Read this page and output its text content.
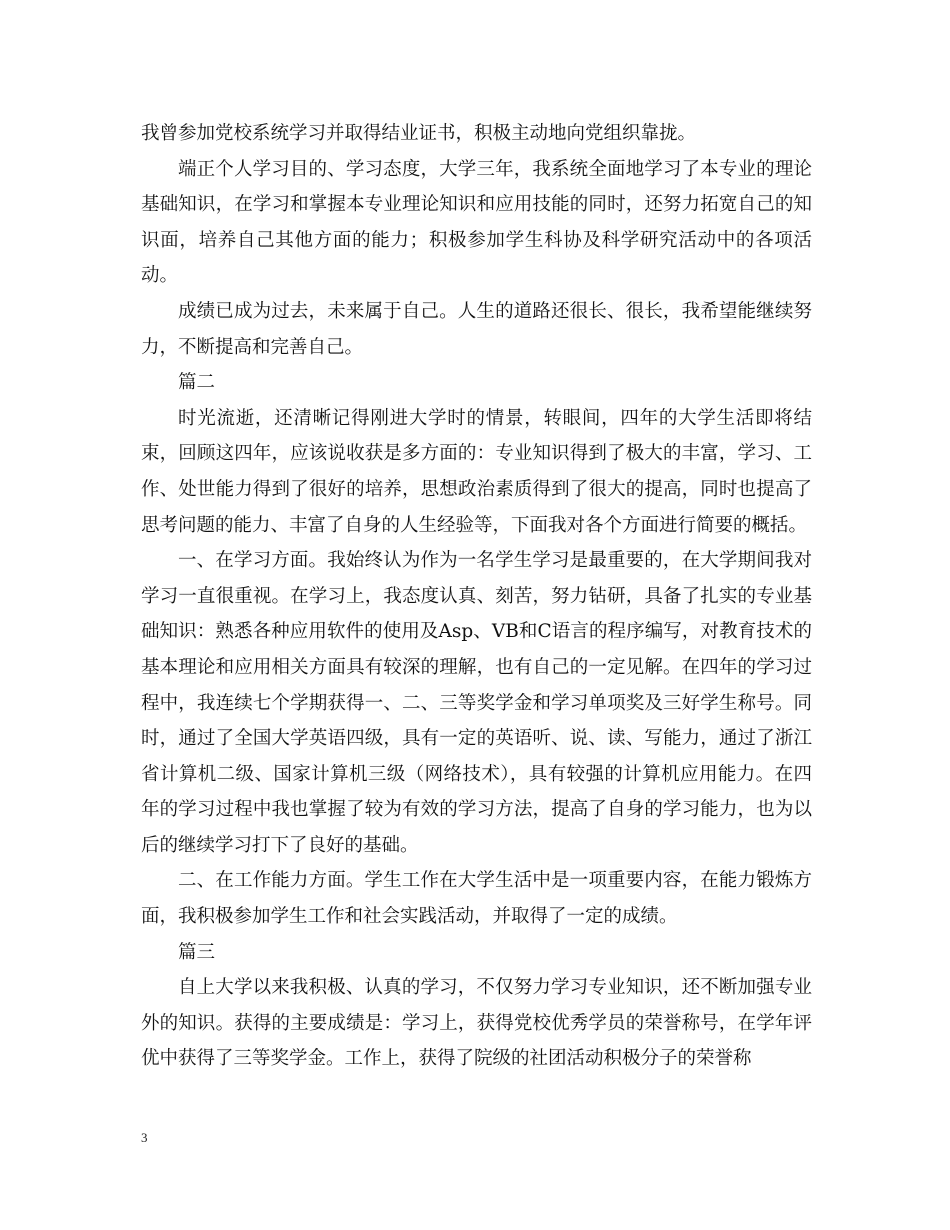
我曾参加党校系统学习并取得结业证书，积极主动地向党组织靠拢。

端正个人学习目的、学习态度，大学三年，我系统全面地学习了本专业的理论基础知识，在学习和掌握本专业理论知识和应用技能的同时，还努力拓宽自己的知识面，培养自己其他方面的能力；积极参加学生科协及科学研究活动中的各项活动。

成绩已成为过去，未来属于自己。人生的道路还很长、很长，我希望能继续努力，不断提高和完善自己。

篇二

时光流逝，还清晰记得刚进大学时的情景，转眼间，四年的大学生活即将结束，回顾这四年，应该说收获是多方面的：专业知识得到了极大的丰富，学习、工作、处世能力得到了很好的培养，思想政治素质得到了很大的提高，同时也提高了思考问题的能力、丰富了自身的人生经验等，下面我对各个方面进行简要的概括。

一、在学习方面。我始终认为作为一名学生学习是最重要的，在大学期间我对学习一直很重视。在学习上，我态度认真、刻苦，努力钻研，具备了扎实的专业基础知识：熟悉各种应用软件的使用及Asp、VB和C语言的程序编写，对教育技术的基本理论和应用相关方面具有较深的理解，也有自己的一定见解。在四年的学习过程中，我连续七个学期获得一、二、三等奖学金和学习单项奖及三好学生称号。同时，通过了全国大学英语四级，具有一定的英语听、说、读、写能力，通过了浙江省计算机二级、国家计算机三级（网络技术），具有较强的计算机应用能力。在四年的学习过程中我也掌握了较为有效的学习方法，提高了自身的学习能力，也为以后的继续学习打下了良好的基础。

二、在工作能力方面。学生工作在大学生活中是一项重要内容，在能力锻炼方面，我积极参加学生工作和社会实践活动，并取得了一定的成绩。

篇三

自上大学以来我积极、认真的学习，不仅努力学习专业知识，还不断加强专业外的知识。获得的主要成绩是：学习上，获得党校优秀学员的荣誉称号，在学年评优中获得了三等奖学金。工作上，获得了院级的社团活动积极分子的荣誉称

3
